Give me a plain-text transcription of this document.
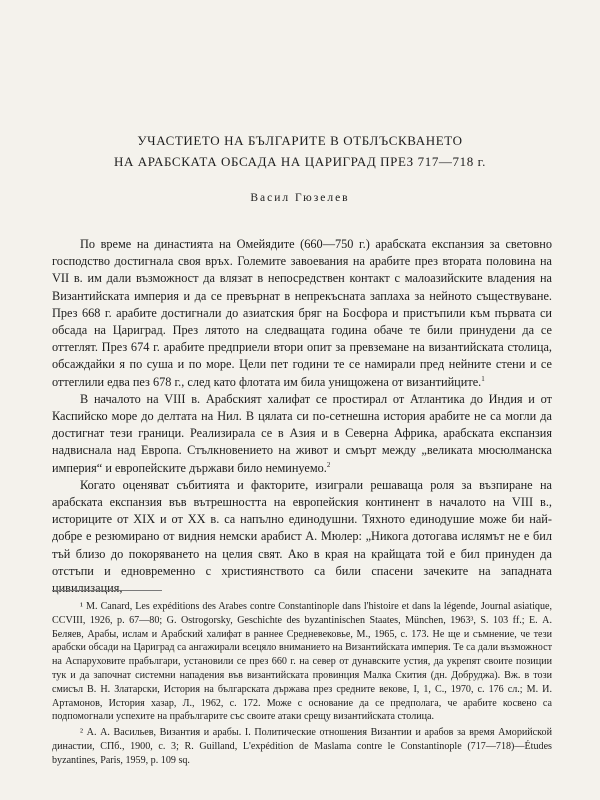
УЧАСТИЕТО НА БЪЛГАРИТЕ В ОТБЛЪСКВАНЕТО
НА АРАБСКАТА ОБСАДА НА ЦАРИГРАД ПРЕЗ 717—718 г.
Васил Гюзелев

По време на династията на Омейядите (660—750 г.) арабската експанзия за световно господство достигнала своя връх. Големите завоевания на арабите през втората половина на VII в. им дали възможност да влязат в непосредствен контакт с малоазийските владения на Византийската империя и да се превърнат в непрекъсната заплаха за нейното съществуване. През 668 г. арабите достигнали до азиатския бряг на Босфора и пристъпили към първата си обсада на Цариград. През лятото на следващата година обаче те били принудени да се оттеглят. През 674 г. арабите предприели втори опит за превземане на византийската столица, обсаждайки я по суша и по море. Цели пет години те се намирали пред нейните стени и се оттеглили едва пез 678 г., след като флотата им била унищожена от византийците.$^1$

В началото на VIII в. Арабският халифат се простирал от Атлантика до Индия и от Каспийско море до делтата на Нил. В цялата си по-сетнешна история арабите не са могли да достигнат тези граници. Реализирала се в Азия и в Северна Африка, арабската експанзия надвиснала над Европа. Стълкновението на живот и смърт между „великата мюсюлманска империя“ и европейските държави било неминуемо.$^2$

Когато оценяват събитията и факторите, изиграли решаваща роля за възпиране на арабската експанзия във вътрешността на европейския континент в началото на VIII в., историците от XIX и от XX в. са напълно единодушни. Тяхното единодушие може би най-добре е резюмирано от видния немски арабист А. Мюлер: „Никога дотогава ислямът не е бил тъй близо до покоряването на целия свят. Ако в края на крайщата той е бил принуден да отстъпи и едновременно с християнството са били спасени зачеките на западната цивилизация,

¹ M. Canard, Les expéditions des Arabes contre Constantinople dans l'histoire et dans la légende, Journal asiatique, CCVIII, 1926, p. 67—80; G. Ostrogorsky, Geschichte des byzantinischen Staates, München, 1963³, S. 103 ff.; Е. А. Беляев, Арабы, ислам и Арабский халифат в раннее Средневековье, М., 1965, с. 173. Не ще и съмнение, че тези арабски обсади на Цариград са ангажирали всецяло вниманието на Византийската империя. Те са дали възможност на Аспаруховите прабългари, установили се през 660 г. на север от дунавските устия, да укрепят своите позиции тук и да започнат системни нападения във византийската провинция Малка Скития (дн. Добруджа). Вж. в този смисъл В. Н. Златарски, История на българската държава през средните векове, I, 1, С., 1970, с. 176 сл.; М. И. Артамонов, История хазар, Л., 1962, с. 172. Може с основание да се предполага, че арабите косвено са подпомогнали успехите на прабългарите със своите атаки срещу византийската столица.

² А. А. Васильев, Византия и арабы. I. Политические отношения Византии и арабов за время Аморийской династии, СПб., 1900, с. 3; R. Guilland, L'expédition de Maslama contre le Constantinople (717—718)—Études byzantines, Paris, 1959, p. 109 sq.
